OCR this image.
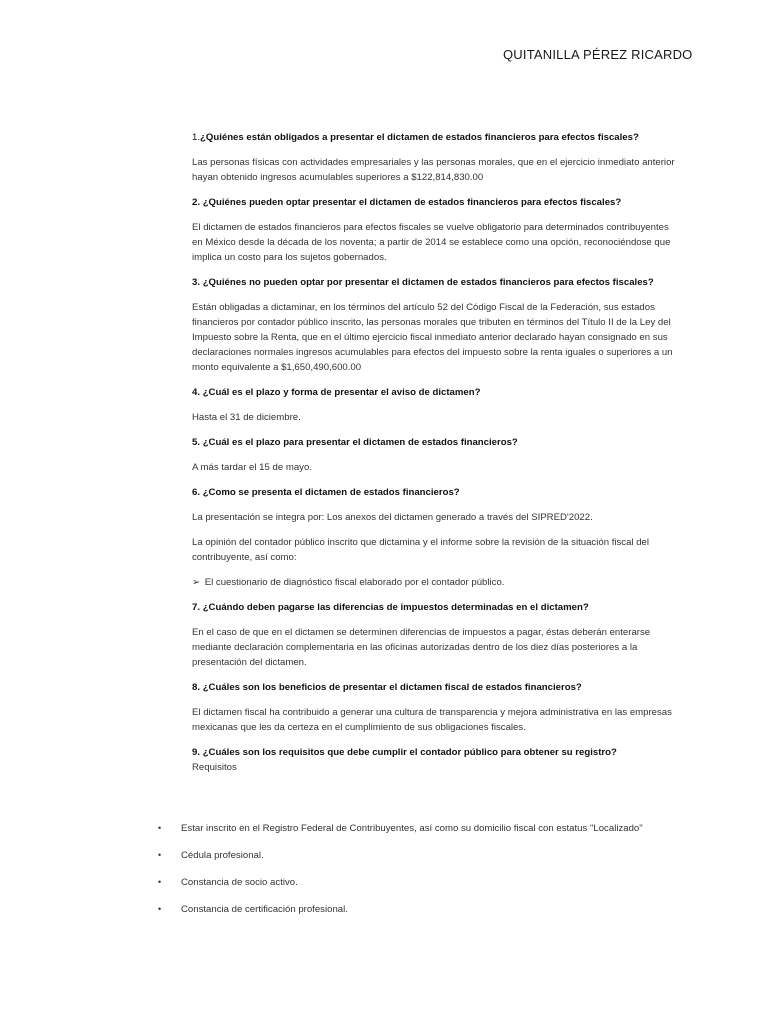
QUITANILLA PÉREZ RICARDO
1.¿Quiénes están obligados a presentar el dictamen de estados financieros para efectos fiscales?
Las personas físicas con actividades empresariales y las personas morales, que en el ejercicio inmediato anterior hayan obtenido ingresos acumulables superiores a $122,814,830.00
2. ¿Quiénes pueden optar presentar el dictamen de estados financieros para efectos fiscales?
El dictamen de estados financieros para efectos fiscales se vuelve obligatorio para determinados contribuyentes en México desde la década de los noventa; a partir de 2014 se establece como una opción, reconociéndose que implica un costo para los sujetos gobernados.
3. ¿Quiénes no pueden optar por presentar el dictamen de estados financieros para efectos fiscales?
Están obligadas a dictaminar, en los términos del artículo 52 del Código Fiscal de la Federación, sus estados financieros por contador público inscrito, las personas morales que tributen en términos del Título II de la Ley del Impuesto sobre la Renta, que en el último ejercicio fiscal inmediato anterior declarado hayan consignado en sus declaraciones normales ingresos acumulables para efectos del impuesto sobre la renta iguales o superiores a un monto equivalente a $1,650,490,600.00
4. ¿Cuál es el plazo y forma de presentar el aviso de dictamen?
Hasta el 31 de diciembre.
5. ¿Cuál es el plazo para presentar el dictamen de estados financieros?
A más tardar el 15 de mayo.
6. ¿Como se presenta el dictamen de estados financieros?
La presentación se integra por: Los anexos del dictamen generado a través del SIPRED'2022.
La opinión del contador público inscrito que dictamina y el informe sobre la revisión de la situación fiscal del contribuyente, así como:
➢ El cuestionario de diagnóstico fiscal elaborado por el contador público.
7. ¿Cuándo deben pagarse las diferencias de impuestos determinadas en el dictamen?
En el caso de que en el dictamen se determinen diferencias de impuestos a pagar, éstas deberán enterarse mediante declaración complementaria en las oficinas autorizadas dentro de los diez días posteriores a la presentación del dictamen.
8. ¿Cuáles son los beneficios de presentar el dictamen fiscal de estados financieros?
El dictamen fiscal ha contribuido a generar una cultura de transparencia y mejora administrativa en las empresas mexicanas que les da certeza en el cumplimiento de sus obligaciones fiscales.
9. ¿Cuáles son los requisitos que debe cumplir el contador público para obtener su registro?
Requisitos
• Estar inscrito en el Registro Federal de Contribuyentes, así como su domicilio fiscal con estatus "Localizado"
• Cédula profesional.
• Constancia de socio activo.
• Constancia de certificación profesional.
